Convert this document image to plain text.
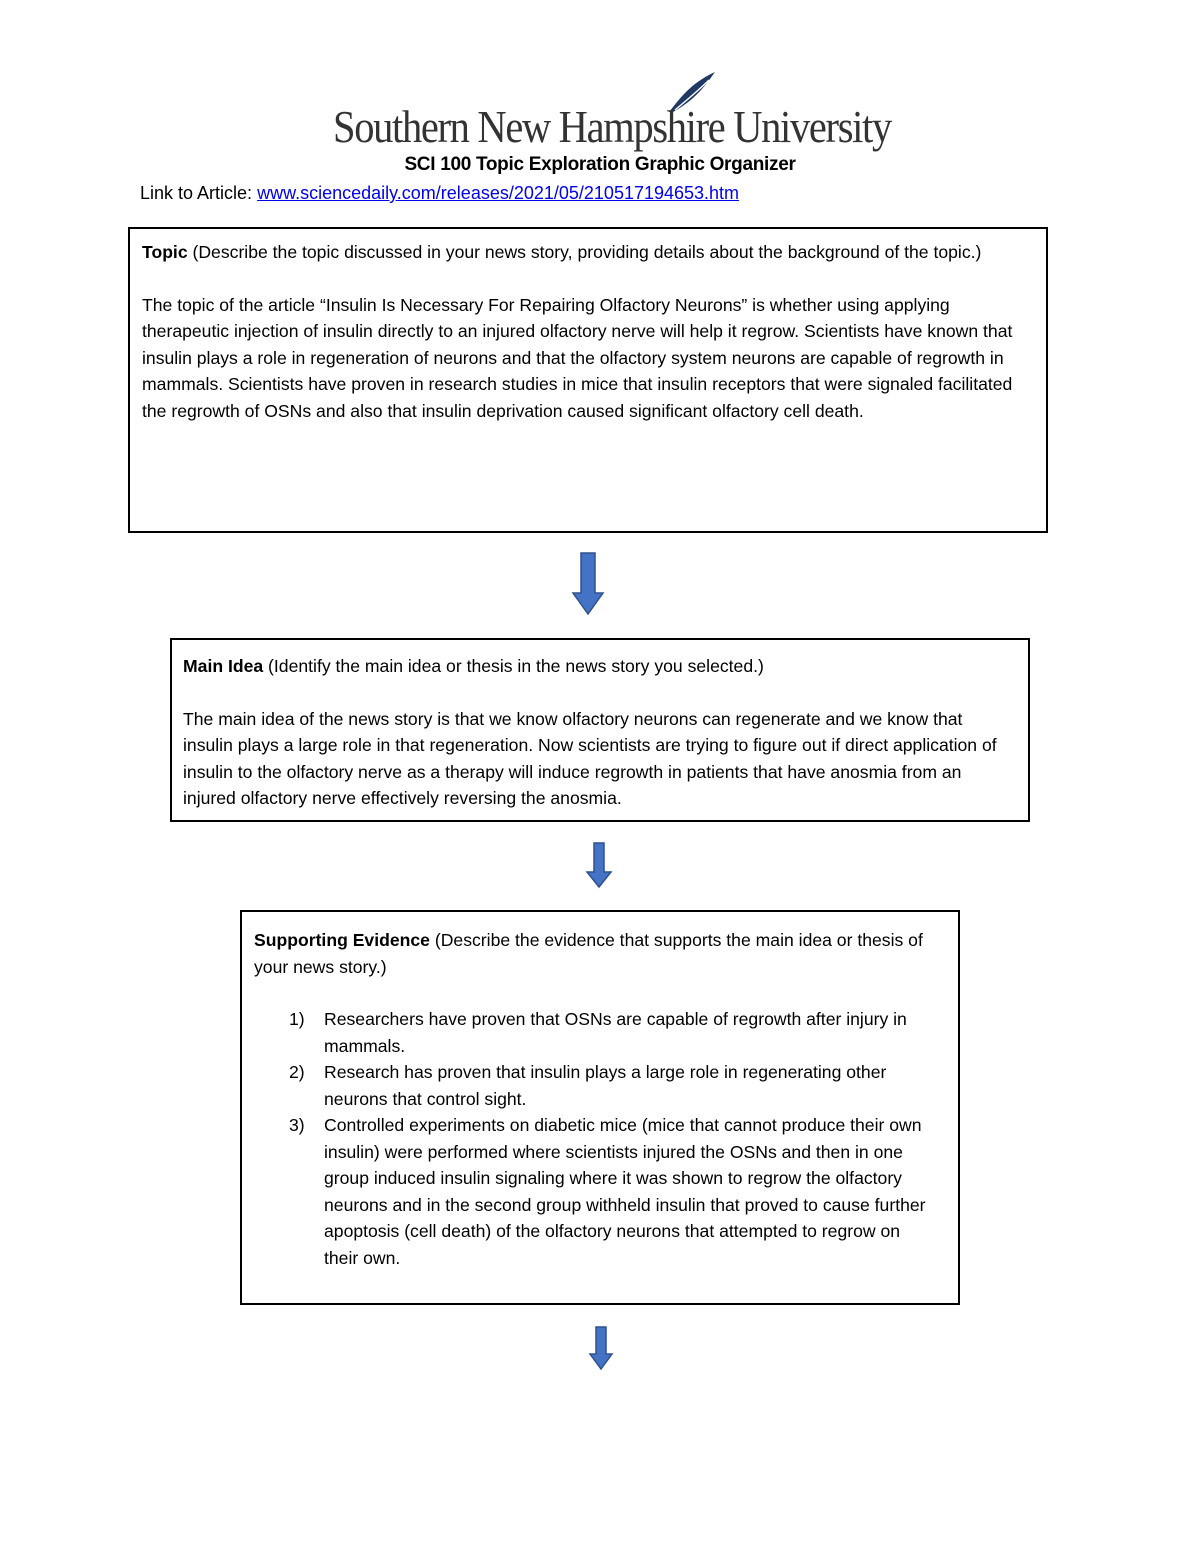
Southern New Hampshire University
SCI 100 Topic Exploration Graphic Organizer
Link to Article: www.sciencedaily.com/releases/2021/05/210517194653.htm

Topic (Describe the topic discussed in your news story, providing details about the background of the topic.)

The topic of the article “Insulin Is Necessary For Repairing Olfactory Neurons” is whether using applying therapeutic injection of insulin directly to an injured olfactory nerve will help it regrow. Scientists have known that insulin plays a role in regeneration of neurons and that the olfactory system neurons are capable of regrowth in mammals. Scientists have proven in research studies in mice that insulin receptors that were signaled facilitated the regrowth of OSNs and also that insulin deprivation caused significant olfactory cell death.

Main Idea (Identify the main idea or thesis in the news story you selected.)

The main idea of the news story is that we know olfactory neurons can regenerate and we know that insulin plays a large role in that regeneration. Now scientists are trying to figure out if direct application of insulin to the olfactory nerve as a therapy will induce regrowth in patients that have anosmia from an injured olfactory nerve effectively reversing the anosmia.

Supporting Evidence (Describe the evidence that supports the main idea or thesis of your news story.)

1)	Researchers have proven that OSNs are capable of regrowth after injury in mammals.
2)	Research has proven that insulin plays a large role in regenerating other neurons that control sight.
3)	Controlled experiments on diabetic mice (mice that cannot produce their own insulin) were performed where scientists injured the OSNs and then in one group induced insulin signaling where it was shown to regrow the olfactory neurons and in the second group withheld insulin that proved to cause further apoptosis (cell death) of the olfactory neurons that attempted to regrow on their own.
